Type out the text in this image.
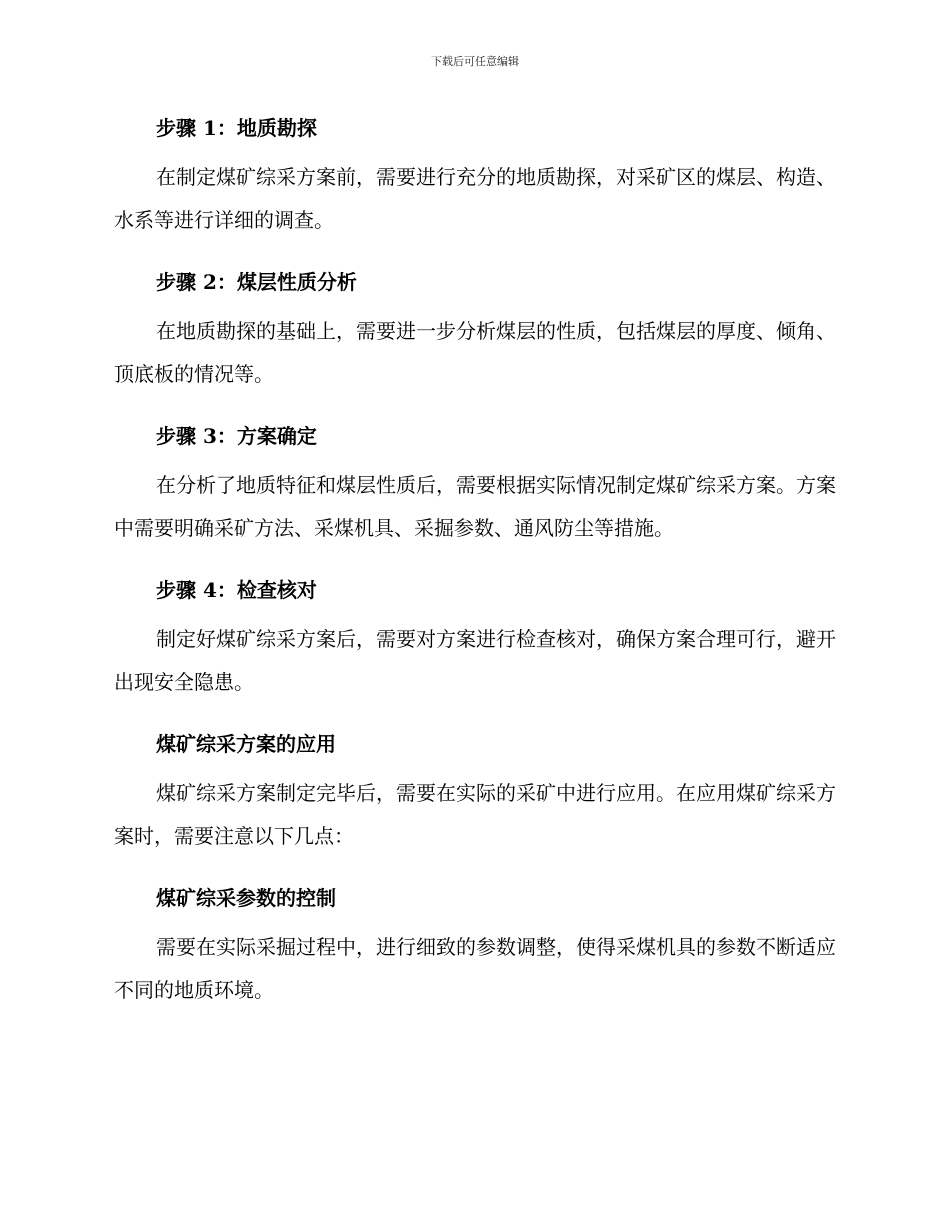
下载后可任意编辑
步骤 1：地质勘探

在制定煤矿综采方案前，需要进行充分的地质勘探，对采矿区的煤层、构造、水系等进行详细的调查。

步骤 2：煤层性质分析

在地质勘探的基础上，需要进一步分析煤层的性质，包括煤层的厚度、倾角、顶底板的情况等。

步骤 3：方案确定

在分析了地质特征和煤层性质后，需要根据实际情况制定煤矿综采方案。方案中需要明确采矿方法、采煤机具、采掘参数、通风防尘等措施。

步骤 4：检查核对

制定好煤矿综采方案后，需要对方案进行检查核对，确保方案合理可行，避开出现安全隐患。

煤矿综采方案的应用

煤矿综采方案制定完毕后，需要在实际的采矿中进行应用。在应用煤矿综采方案时，需要注意以下几点：

煤矿综采参数的控制

需要在实际采掘过程中，进行细致的参数调整，使得采煤机具的参数不断适应不同的地质环境。
